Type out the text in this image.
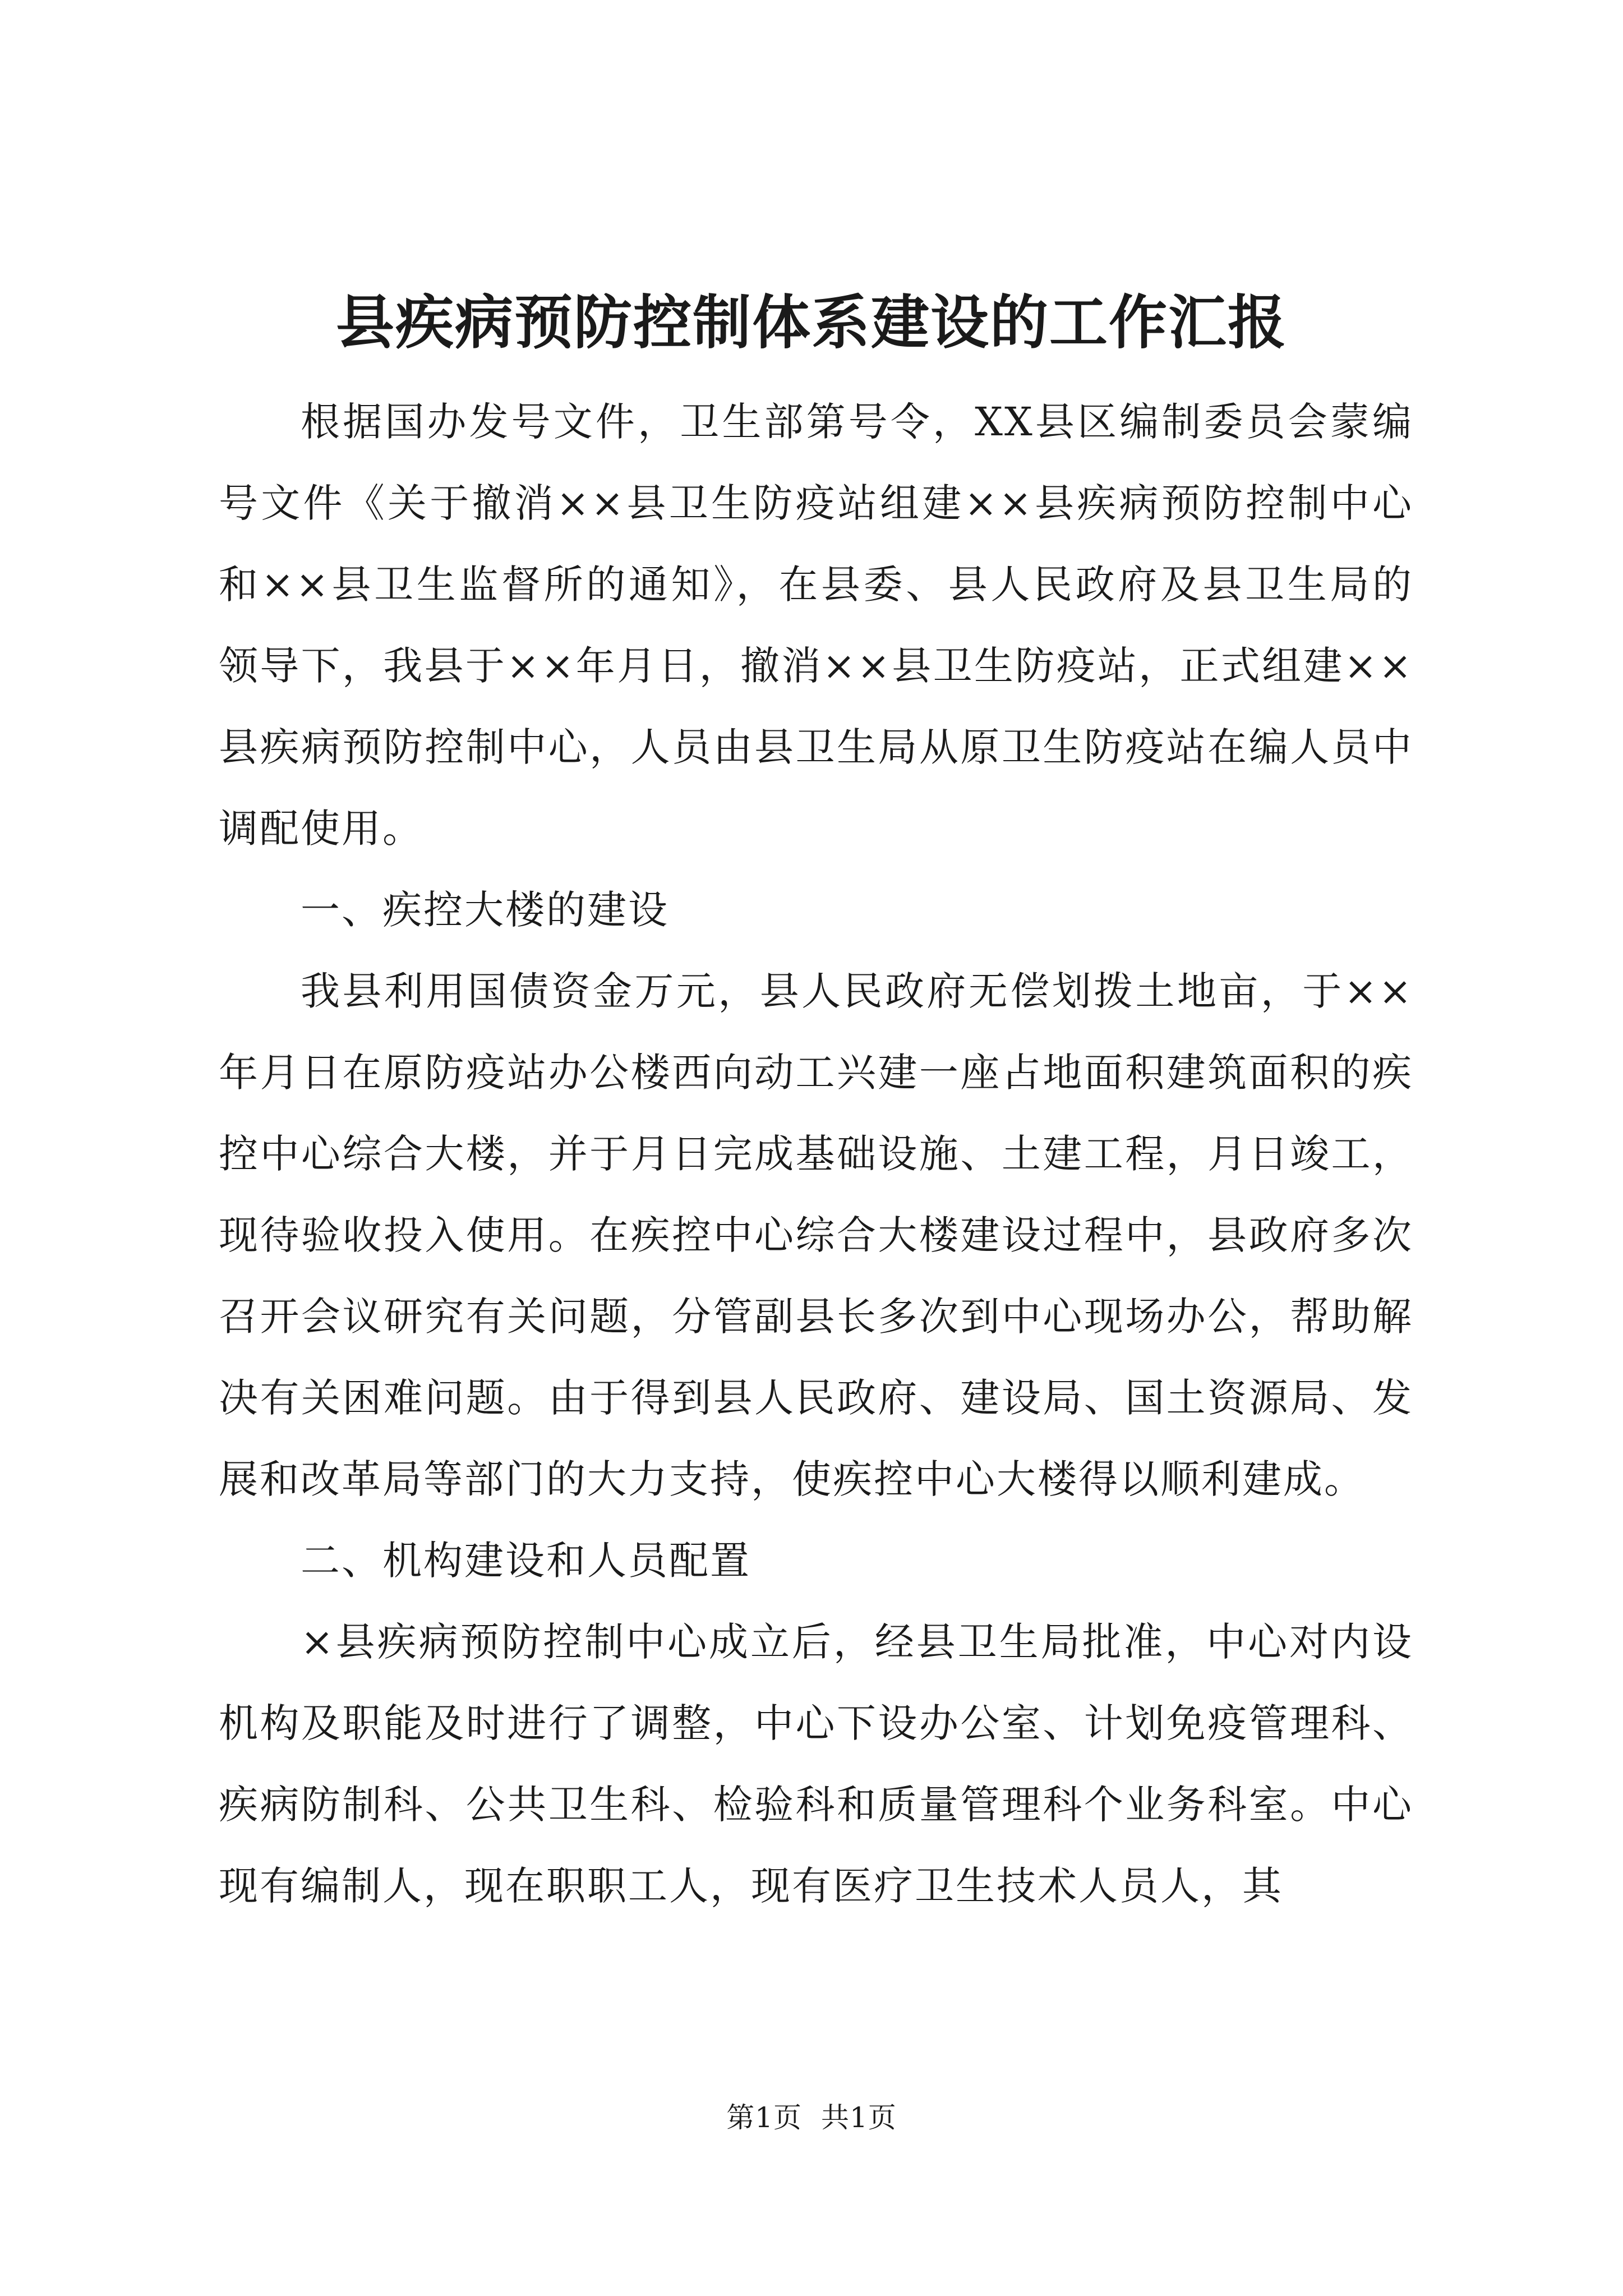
县疾病预防控制体系建设的工作汇报

根据国办发号文件，卫生部第号令，XX县区编制委员会蒙编号文件《关于撤消××县卫生防疫站组建××县疾病预防控制中心和××县卫生监督所的通知》，在县委、县人民政府及县卫生局的领导下，我县于××年月日，撤消××县卫生防疫站，正式组建××县疾病预防控制中心，人员由县卫生局从原卫生防疫站在编人员中调配使用。

一、疾控大楼的建设

我县利用国债资金万元，县人民政府无偿划拨土地亩，于××年月日在原防疫站办公楼西向动工兴建一座占地面积建筑面积的疾控中心综合大楼，并于月日完成基础设施、土建工程，月日竣工，现待验收投入使用。在疾控中心综合大楼建设过程中，县政府多次召开会议研究有关问题，分管副县长多次到中心现场办公，帮助解决有关困难问题。由于得到县人民政府、建设局、国土资源局、发展和改革局等部门的大力支持，使疾控中心大楼得以顺利建成。

二、机构建设和人员配置

×县疾病预防控制中心成立后，经县卫生局批准，中心对内设机构及职能及时进行了调整，中心下设办公室、计划免疫管理科、疾病防制科、公共卫生科、检验科和质量管理科个业务科室。中心现有编制人，现在职职工人，现有医疗卫生技术人员人，其

第1页 共1页
